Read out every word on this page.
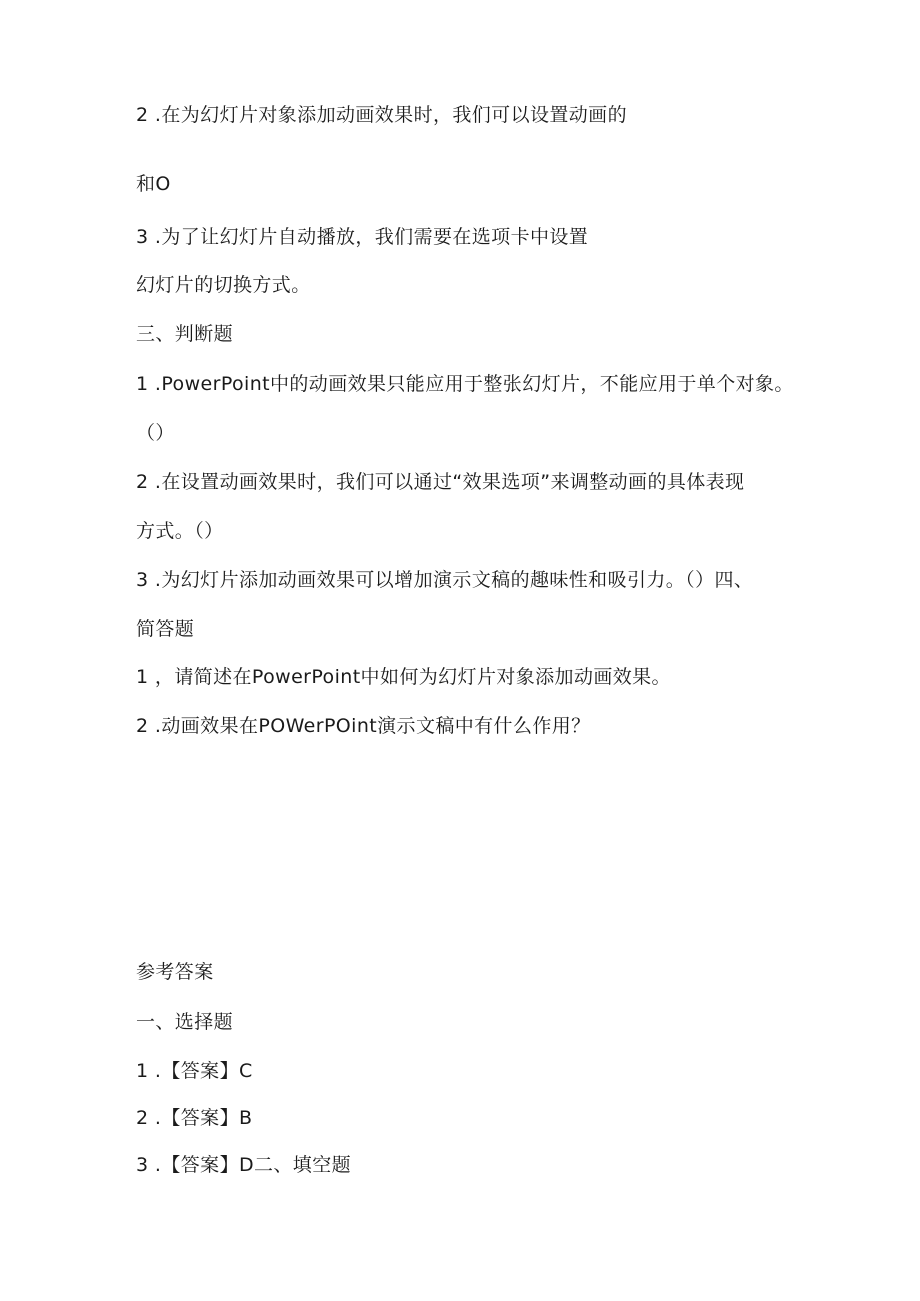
2 .在为幻灯片对象添加动画效果时，我们可以设置动画的
和O
3 .为了让幻灯片自动播放，我们需要在选项卡中设置
幻灯片的切换方式。
三、判断题
1 .PowerPoint中的动画效果只能应用于整张幻灯片，不能应用于单个对象。
（）
2 .在设置动画效果时，我们可以通过“效果选项”来调整动画的具体表现
方式。（）
3 .为幻灯片添加动画效果可以增加演示文稿的趣味性和吸引力。（）四、
简答题
1 ，请简述在PowerPoint中如何为幻灯片对象添加动画效果。
2 .动画效果在POWerPOint演示文稿中有什么作用？
参考答案
一、选择题
1 .【答案】C
2 .【答案】B
3 .【答案】D二、填空题
